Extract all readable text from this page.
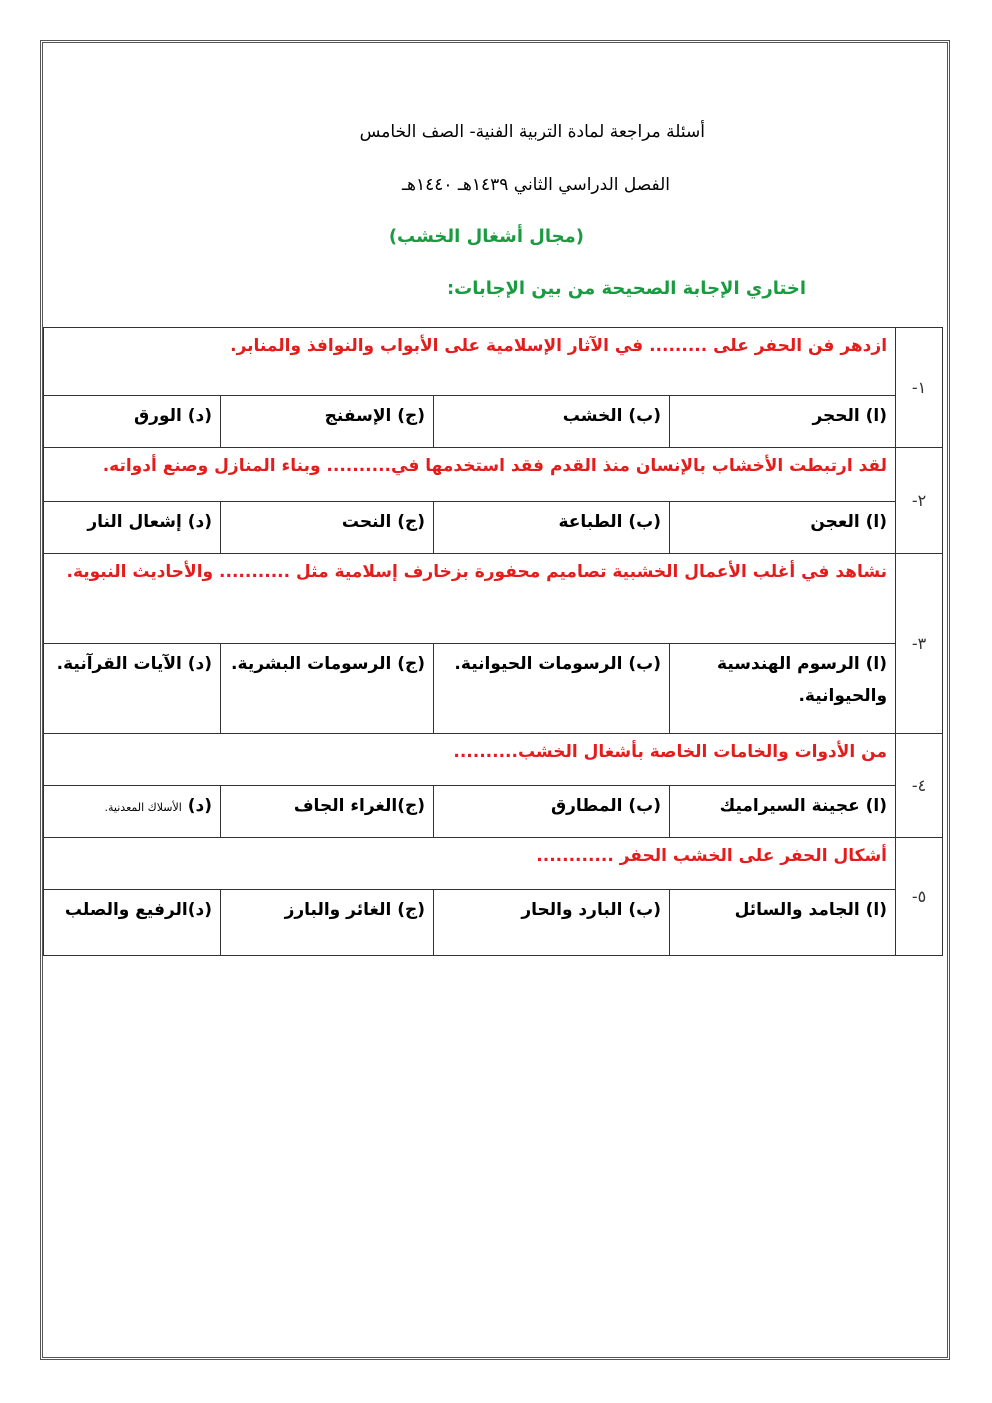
أسئلة مراجعة لمادة التربية الفنية- الصف الخامس
الفصل الدراسي الثاني ١٤٣٩هـ ١٤٤٠هـ
(مجال أشغال الخشب)
اختاري الإجابة الصحيحة من بين الإجابات:
١-	ازدهر فن الحفر على ......... في الآثار الإسلامية على الأبواب والنوافذ والمنابر.			
	(ا) الحجر	(ب) الخشب	(ج) الإسفنج	(د) الورق
٢-	لقد ارتبطت الأخشاب بالإنسان منذ القدم فقد استخدمها في.......... وبناء المنازل وصنع أدواته.			
	(ا) العجن	(ب) الطباعة	(ج) النحت	(د) إشعال النار
٣-	نشاهد في أغلب الأعمال الخشبية تصاميم محفورة بزخارف إسلامية مثل ........... والأحاديث النبوية.			
	(ا) الرسوم الهندسية والحيوانية.	(ب) الرسومات الحيوانية.	(ج) الرسومات البشرية.	(د) الآيات القرآنية.
٤-	من الأدوات والخامات الخاصة بأشغال الخشب..........			
	(ا) عجينة السيراميك	(ب) المطارق	(ج)الغراء الجاف	(د) الأسلاك المعدنية.
٥-	أشكال الحفر على الخشب الحفر ............			
	(ا) الجامد والسائل	(ب) البارد والحار	(ج) الغائر والبارز	(د)الرفيع والصلب
